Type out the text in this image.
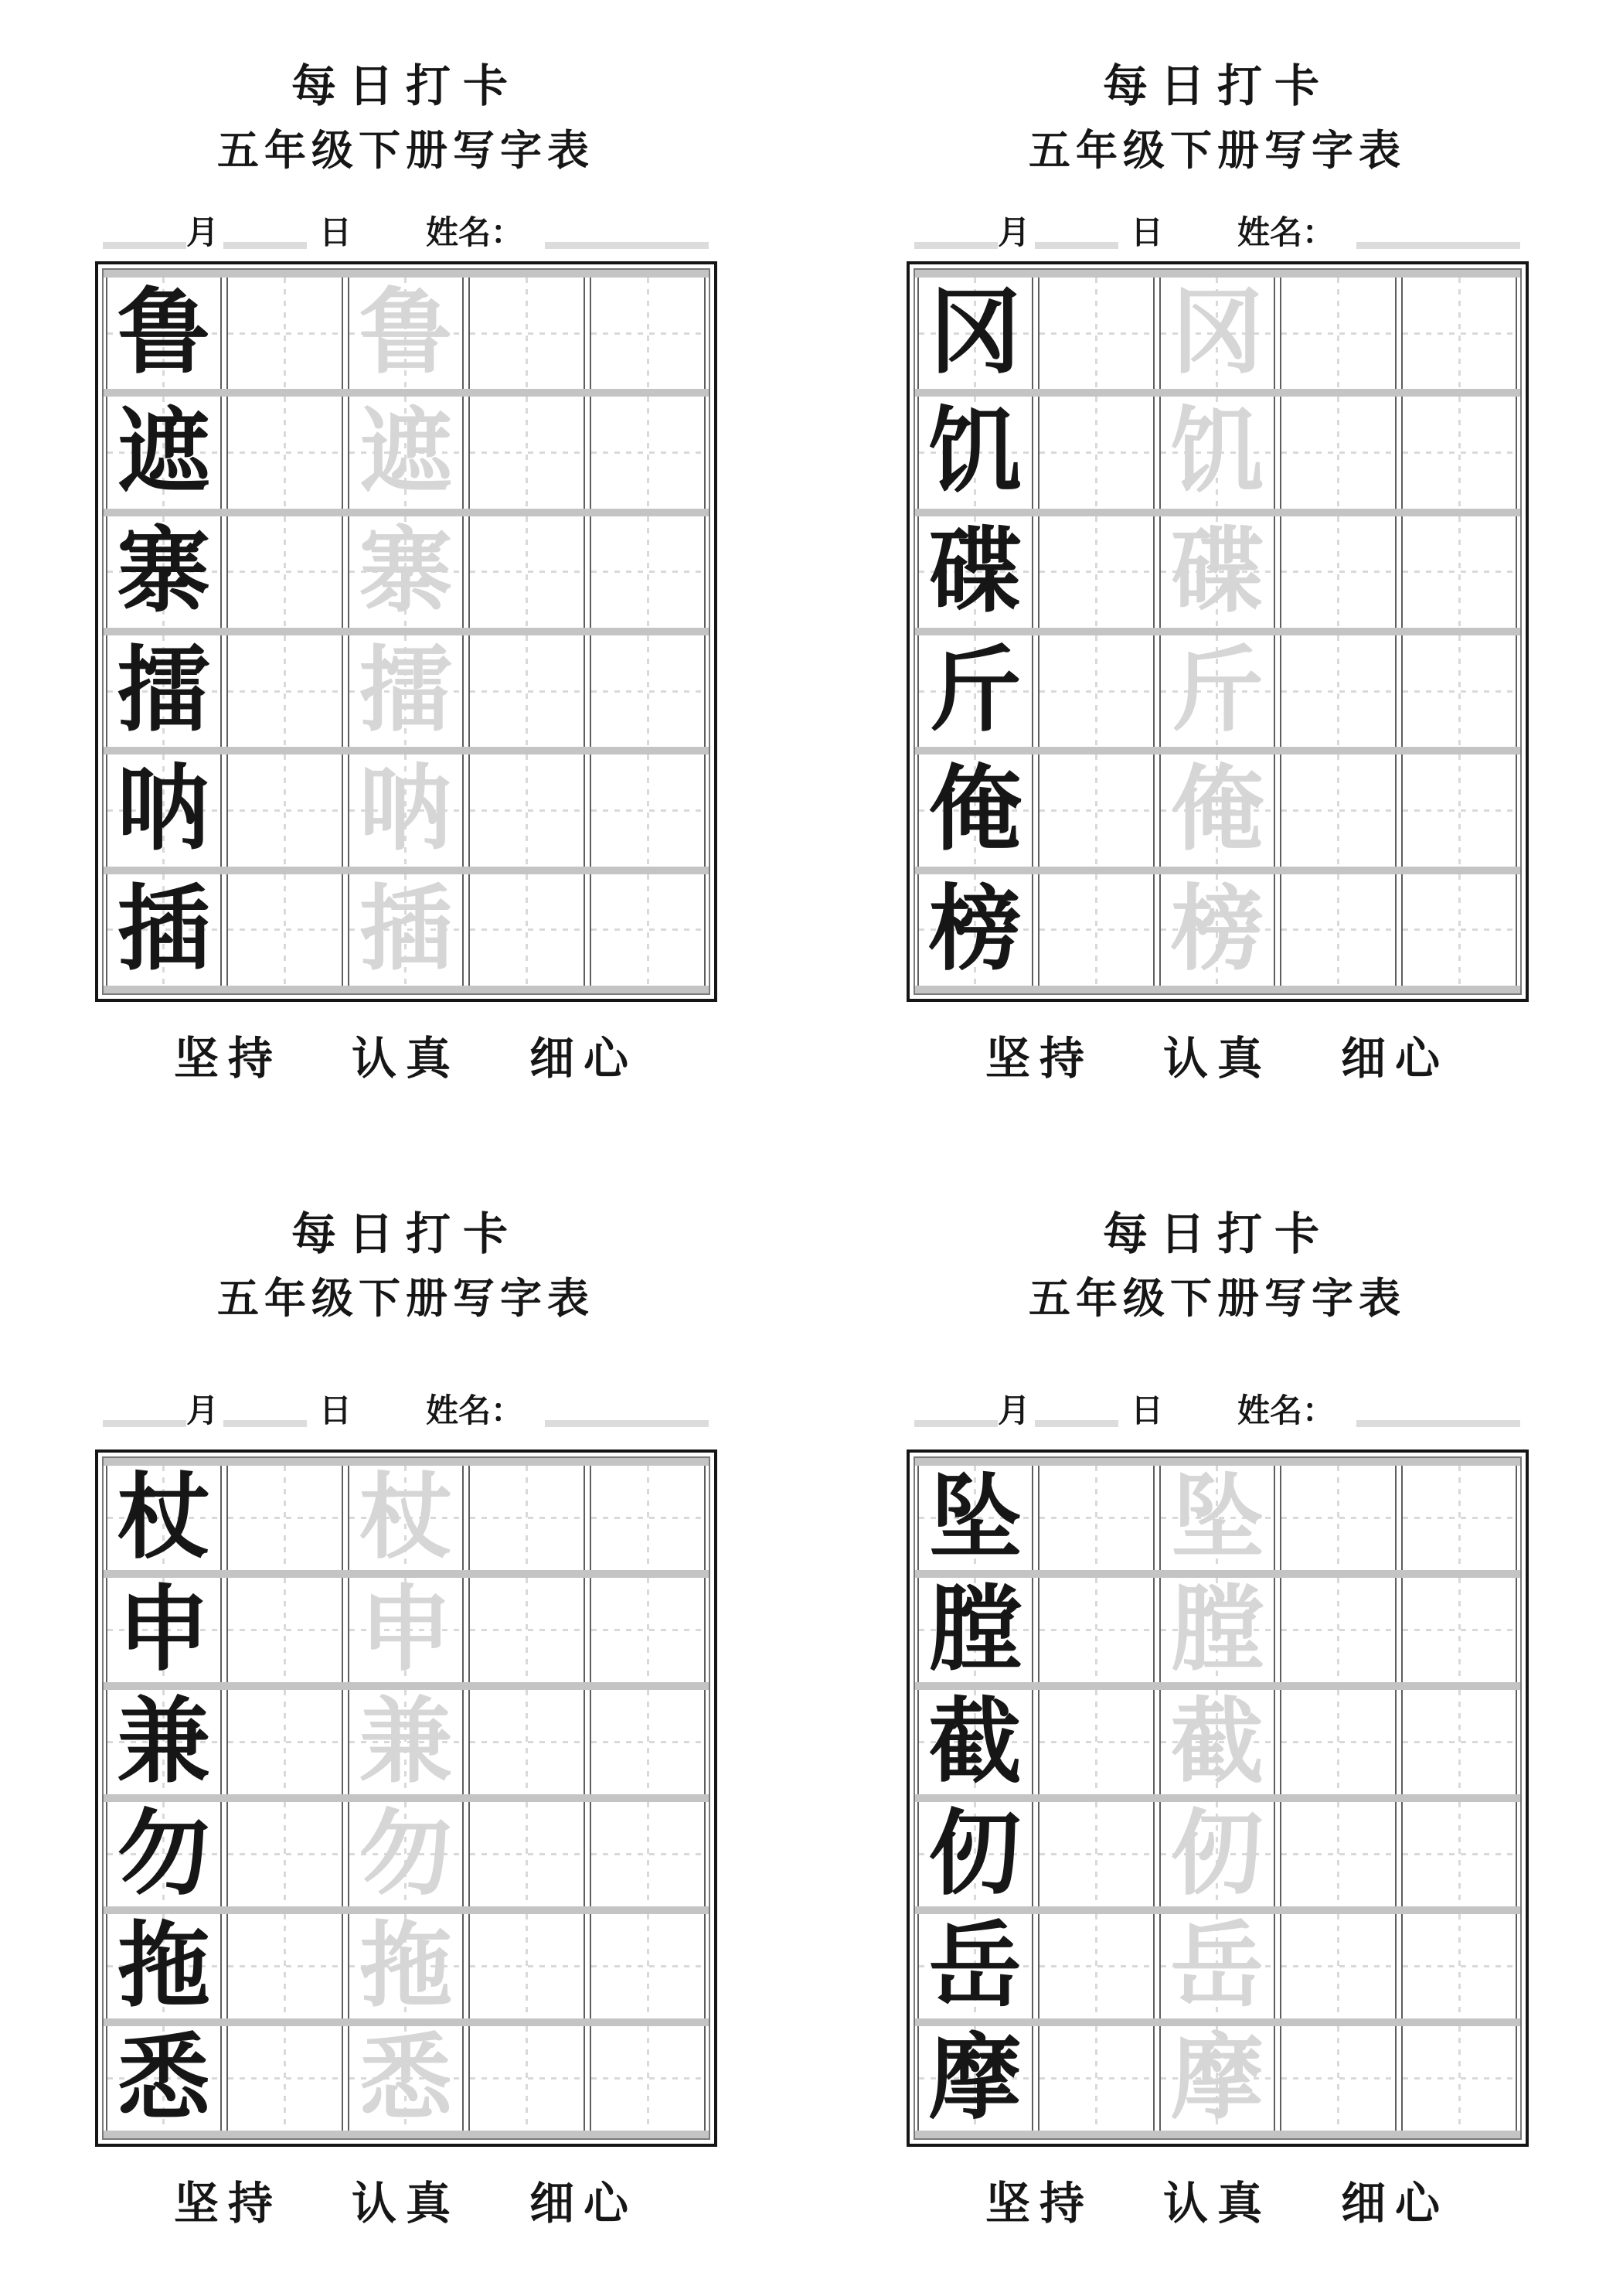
每日打卡
五年级下册写字表
月	日 姓名：
鲁 鲁
遮 遮
寨 寨
擂 擂
呐 呐
插 插
坚持 认真 细心
每日打卡
五年级下册写字表
月	日 姓名：
冈 冈
饥 饥
碟 碟
斤 斤
俺 俺
榜 榜
坚持 认真 细心
每日打卡
五年级下册写字表
月	日 姓名：
杖 杖
申 申
兼 兼
勿 勿
拖 拖
悉 悉
坚持 认真 细心
每日打卡
五年级下册写字表
月	日 姓名：
坠 坠
膛 膛
截 截
仞 仞
岳 岳
摩 摩
坚持 认真 细心
